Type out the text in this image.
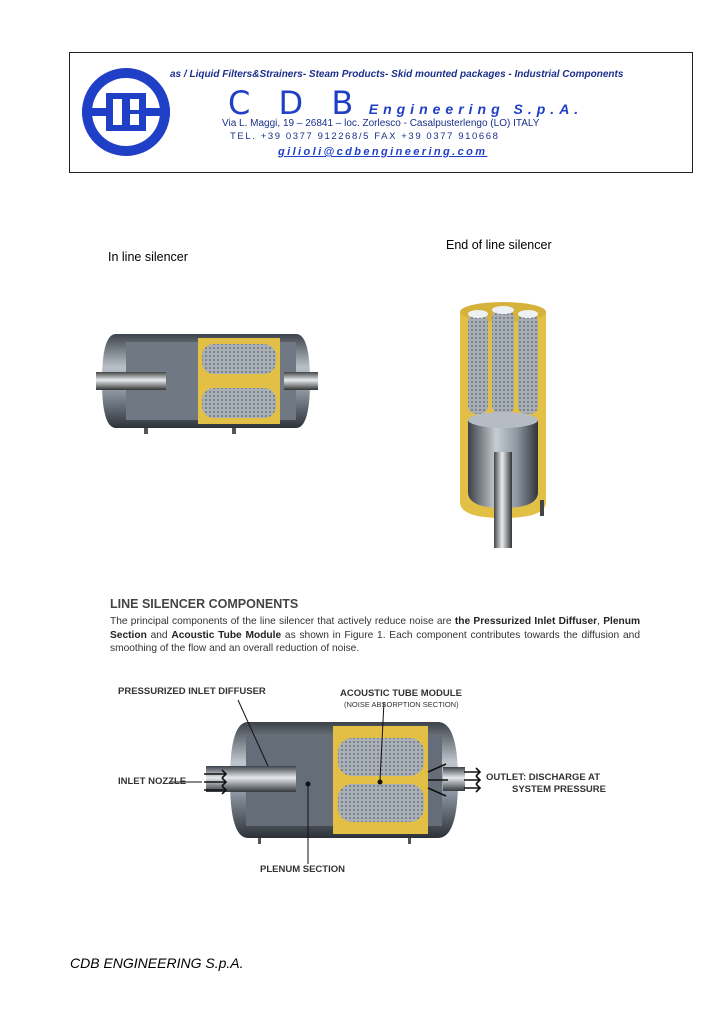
as / Liquid Filters&Strainers- Steam Products- Skid mounted packages - Industrial Components
C D B Engineering S.p.A.
Via L. Maggi, 19 – 26841 – loc. Zorlesco - Casalpusterlengo (LO) ITALY
TEL. +39 0377 912268/5 FAX +39 0377 910668
gilioli@cdbengineering.com
In line silencer
End of line silencer
LINE SILENCER COMPONENTS
The principal components of the line silencer that actively reduce noise are the Pressurized Inlet Diffuser, Plenum Section and Acoustic Tube Module as shown in Figure 1. Each component contributes towards the diffusion and smoothing of the flow and an overall reduction of noise.
PRESSURIZED INLET DIFFUSER	ACOUSTIC TUBE MODULE
(NOISE ABSORPTION SECTION)
INLET NOZZLE	OUTLET: DISCHARGE AT
SYSTEM PRESSURE
PLENUM SECTION
CDB ENGINEERING S.p.A.
